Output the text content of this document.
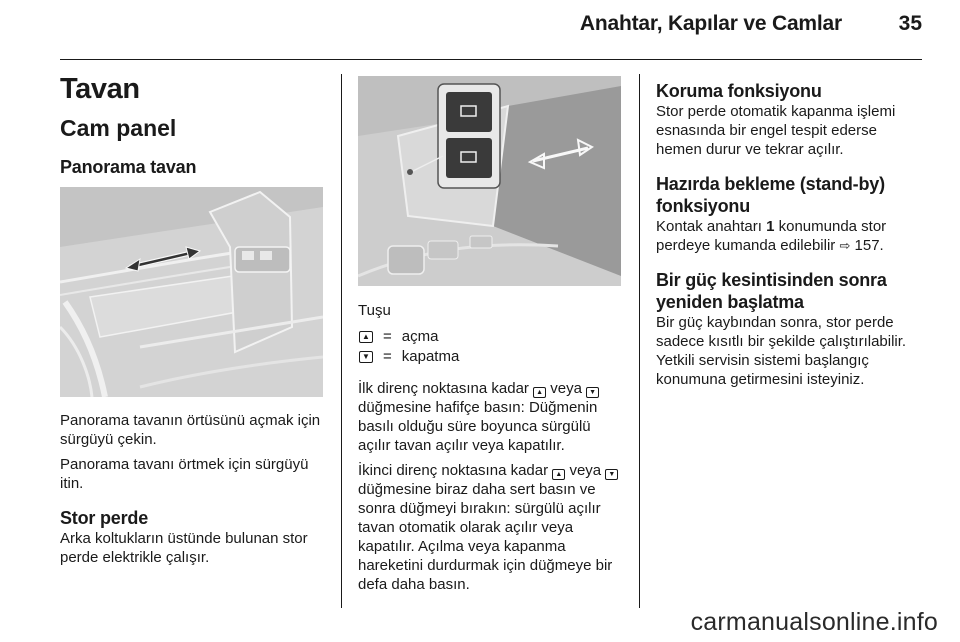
Anahtar, Kapılar ve Camlar	35
Tavan
Cam panel
Panorama tavan
Panorama tavanın örtüsünü açmak için sürgüyü çekin.
Panorama tavanı örtmek için sürgüyü itin.
Stor perde
Arka koltukların üstünde bulunan stor perde elektrikle çalışır.
Tuşu
▲ = açma
▼ = kapatma
İlk direnç noktasına kadar ▲ veya ▼ düğmesine hafifçe basın: Düğmenin basılı olduğu süre boyunca sürgülü açılır tavan açılır veya kapatılır.
İkinci direnç noktasına kadar ▲ veya ▼ düğmesine biraz daha sert basın ve sonra düğmeyi bırakın: sürgülü açılır tavan otomatik olarak açılır veya kapatılır. Açılma veya kapanma hareketini durdurmak için düğmeye bir defa daha basın.
Koruma fonksiyonu
Stor perde otomatik kapanma işlemi esnasında bir engel tespit ederse hemen durur ve tekrar açılır.
Hazırda bekleme (stand-by) fonksiyonu
Kontak anahtarı 1 konumunda stor perdeye kumanda edilebilir ⇨ 157.
Bir güç kesintisinden sonra yeniden başlatma
Bir güç kaybından sonra, stor perde sadece kısıtlı bir şekilde çalıştırılabilir. Yetkili servisin sistemi başlangıç konumuna getirmesini isteyiniz.
carmanualsonline.info
